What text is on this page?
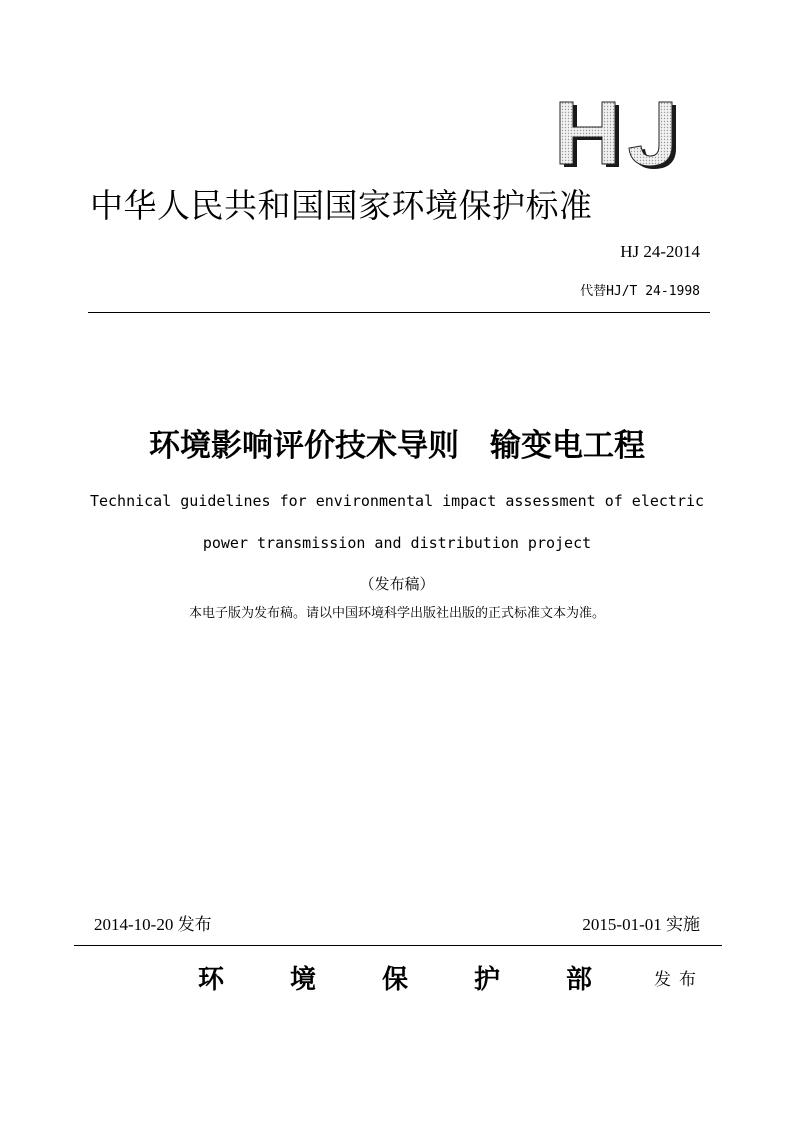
中华人民共和国国家环境保护标准
HJ 24-2014
代替HJ/T 24-1998
环境影响评价技术导则　输变电工程
Technical guidelines for environmental impact assessment of electric
power transmission and distribution project
（发布稿）
本电子版为发布稿。请以中国环境科学出版社出版的正式标准文本为准。
2014-10-20 发布	2015-01-01 实施
环	境	保	护	部	发布
